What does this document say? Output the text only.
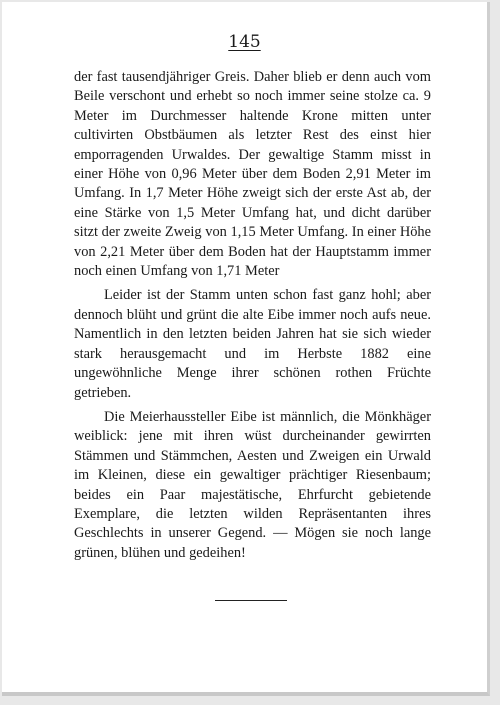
145

der fast tausendjähriger Greis. Daher blieb er denn auch vom Beile verschont und erhebt so noch immer seine stolze ca. 9 Meter im Durchmesser haltende Krone mitten unter cultivirten Obstbäumen als letzter Rest des einst hier emporragenden Urwaldes. Der gewaltige Stamm misst in einer Höhe von 0,96 Meter über dem Boden 2,91 Meter im Umfang. In 1,7 Meter Höhe zweigt sich der erste Ast ab, der eine Stärke von 1,5 Meter Umfang hat, und dicht darüber sitzt der zweite Zweig von 1,15 Meter Umfang. In einer Höhe von 2,21 Meter über dem Boden hat der Hauptstamm immer noch einen Umfang von 1,71 Meter

Leider ist der Stamm unten schon fast ganz hohl; aber dennoch blüht und grünt die alte Eibe immer noch aufs neue. Namentlich in den letzten beiden Jahren hat sie sich wieder stark herausgemacht und im Herbste 1882 eine ungewöhnliche Menge ihrer schönen rothen Früchte getrieben.

Die Meierhaussteller Eibe ist männlich, die Mönkhäger weiblick: jene mit ihren wüst durcheinander gewirrten Stämmen und Stämmchen, Aesten und Zweigen ein Urwald im Kleinen, diese ein gewaltiger prächtiger Riesenbaum; beides ein Paar majestätische, Ehrfurcht gebietende Exemplare, die letzten wilden Repräsentanten ihres Geschlechts in unserer Gegend. — Mögen sie noch lange grünen, blühen und gedeihen!
